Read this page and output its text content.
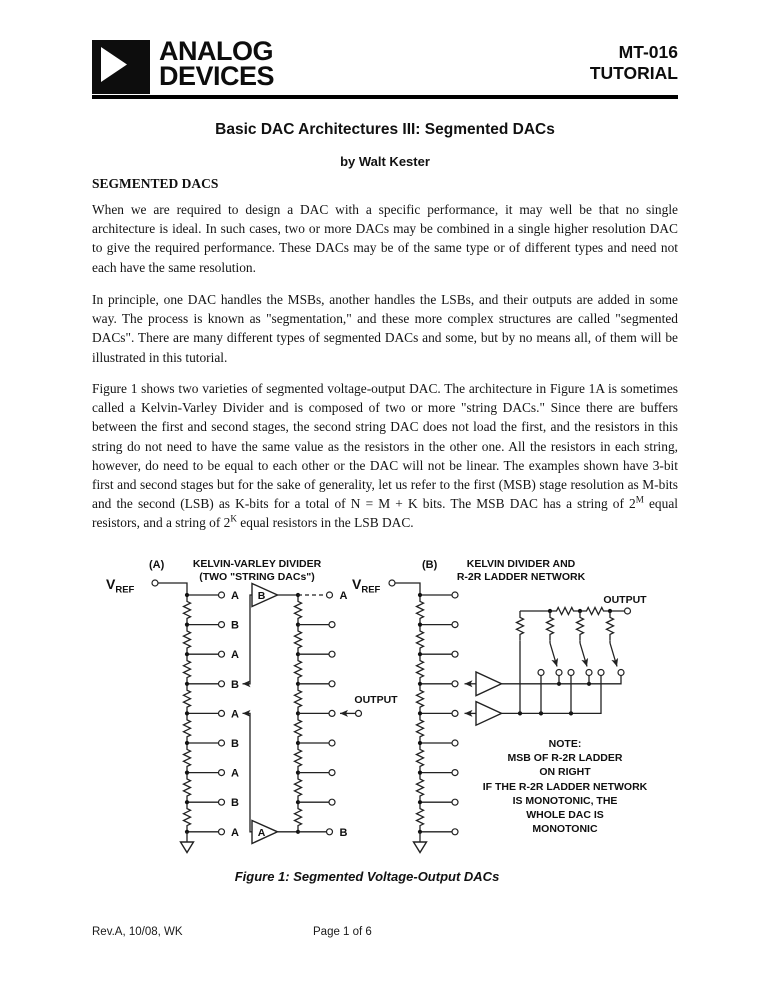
ANALOG
DEVICES
MT-016
TUTORIAL
Basic DAC Architectures III: Segmented DACs
by Walt Kester
SEGMENTED DACS
When we are required to design a DAC with a specific performance, it may well be that no single architecture is ideal. In such cases, two or more DACs may be combined in a single higher resolution DAC to give the required performance. These DACs may be of the same type or of different types and need not each have the same resolution.
In principle, one DAC handles the MSBs, another handles the LSBs, and their outputs are added in some way. The process is known as "segmentation," and these more complex structures are called "segmented DACs". There are many different types of segmented DACs and some, but by no means all, of them will be illustrated in this tutorial.
Figure 1 shows two varieties of segmented voltage-output DAC. The architecture in Figure 1A is sometimes called a Kelvin-Varley Divider and is composed of two or more "string DACs." Since there are buffers between the first and second stages, the second string DAC does not load the first, and the resistors in this string do not need to have the same value as the resistors in the other one. All the resistors in each string, however, do need to be equal to each other or the DAC will not be linear. The examples shown have 3-bit first and second stages but for the sake of generality, let us refer to the first (MSB) stage resolution as M-bits and the second (LSB) as K-bits for a total of N = M + K bits. The MSB DAC has a string of $2^M$ equal resistors, and a string of $2^K$ equal resistors in the LSB DAC.
(A)	KELVIN-VARLEY DIVIDER
(TWO "STRING DACs")
$V_{REF}$	A
B
A
B
A
B
A
B
A
B
A
A
B
OUTPUT
(B)	KELVIN DIVIDER AND
R-2R LADDER NETWORK
$V_{REF}$
OUTPUT
NOTE:
MSB OF R-2R LADDER
ON RIGHT
IF THE R-2R LADDER NETWORK
IS MONOTONIC, THE
WHOLE DAC IS
MONOTONIC
Figure 1: Segmented Voltage-Output DACs
Rev.A, 10/08, WK	Page 1 of 6
